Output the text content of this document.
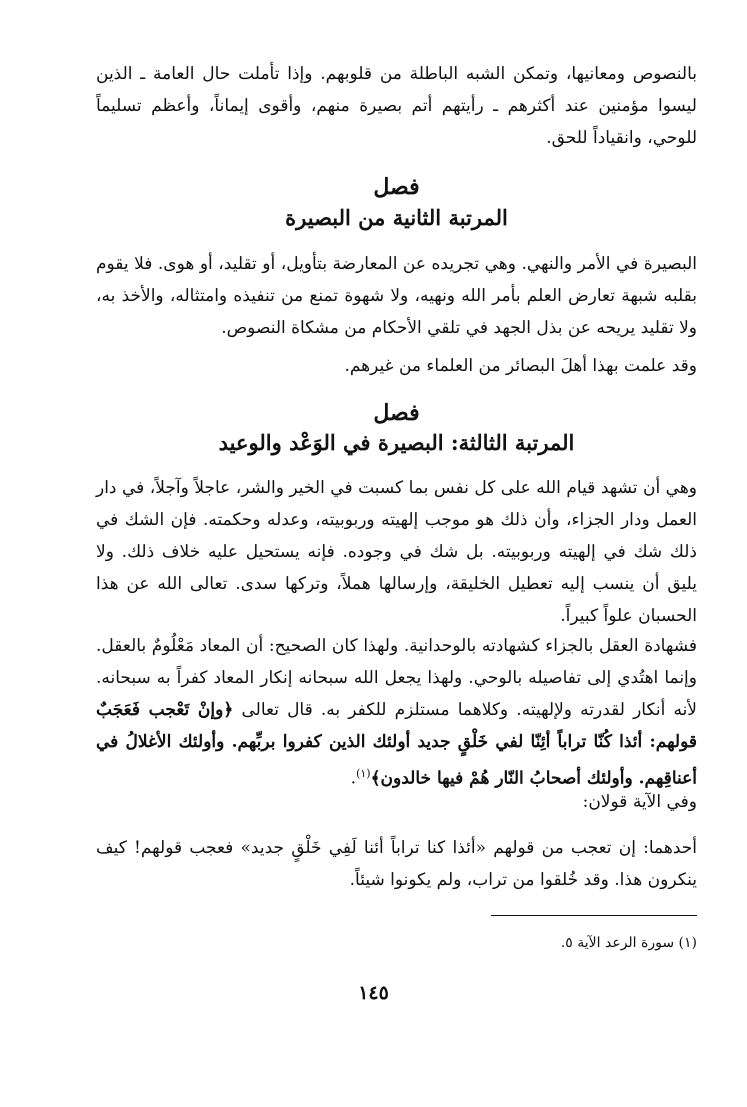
بالنصوص ومعانيها، وتمكن الشبه الباطلة من قلوبهم. وإذا تأملت حال العامة ـ الذين ليسوا مؤمنين عند أكثرهم ـ رأيتهم أتم بصيرة منهم، وأقوى إيماناً، وأعظم تسليماً للوحي، وانقياداً للحق.

فصل
المرتبة الثانية من البصيرة

البصيرة في الأمر والنهي. وهي تجريده عن المعارضة بتأويل، أو تقليد، أو هوى. فلا يقوم بقلبه شبهة تعارض العلم بأمر الله ونهيه، ولا شهوة تمنع من تنفيذه وامتثاله، والأخذ به، ولا تقليد يريحه عن بذل الجهد في تلقي الأحكام من مشكاة النصوص.

وقد علمت بهذا أهلَ البصائر من العلماء من غيرهم.

فصل
المرتبة الثالثة: البصيرة في الوَعْد والوعيد

وهي أن تشهد قيام الله على كل نفس بما كسبت في الخير والشر، عاجلاً وآجلاً، في دار العمل ودار الجزاء، وأن ذلك هو موجب إلهيته وربوبيته، وعدله وحكمته. فإن الشك في ذلك شك في إلهيته وربوبيته. بل شك في وجوده. فإنه يستحيل عليه خلاف ذلك. ولا يليق أن ينسب إليه تعطيل الخليقة، وإرسالها هملاً، وتركها سدى. تعالى الله عن هذا الحسبان علواً كبيراً.

فشهادة العقل بالجزاء كشهادته بالوحدانية. ولهذا كان الصحيح: أن المعاد مَعْلُومٌ بالعقل. وإنما اهتُدي إلى تفاصيله بالوحي. ولهذا يجعل الله سبحانه إنكار المعاد كفراً به سبحانه. لأنه أنكار لقدرته ولإلهيته. وكلاهما مستلزم للكفر به. قال تعالى ﴿وإنْ تَعْجب فَعَجَبٌ قولهم: أئذا كُنّا تراباً أئِنّا لفي خَلْقٍ جديد أولئك الذين كفروا بربِّهم. وأولئك الأغلالُ في أعناقِهم. وأولئك أصحابُ النّار هُمْ فيها خالدون﴾$^{(١)}$.

وفي الآية قولان:

أحدهما: إن تعجب من قولهم «أئذا كنا تراباً أئنا لَفِي خَلْقٍ جديد» فعجب قولهم! كيف ينكرون هذا. وقد خُلقوا من تراب، ولم يكونوا شيئاً.

(١) سورة الرعد الآية ٥.

١٤٥
